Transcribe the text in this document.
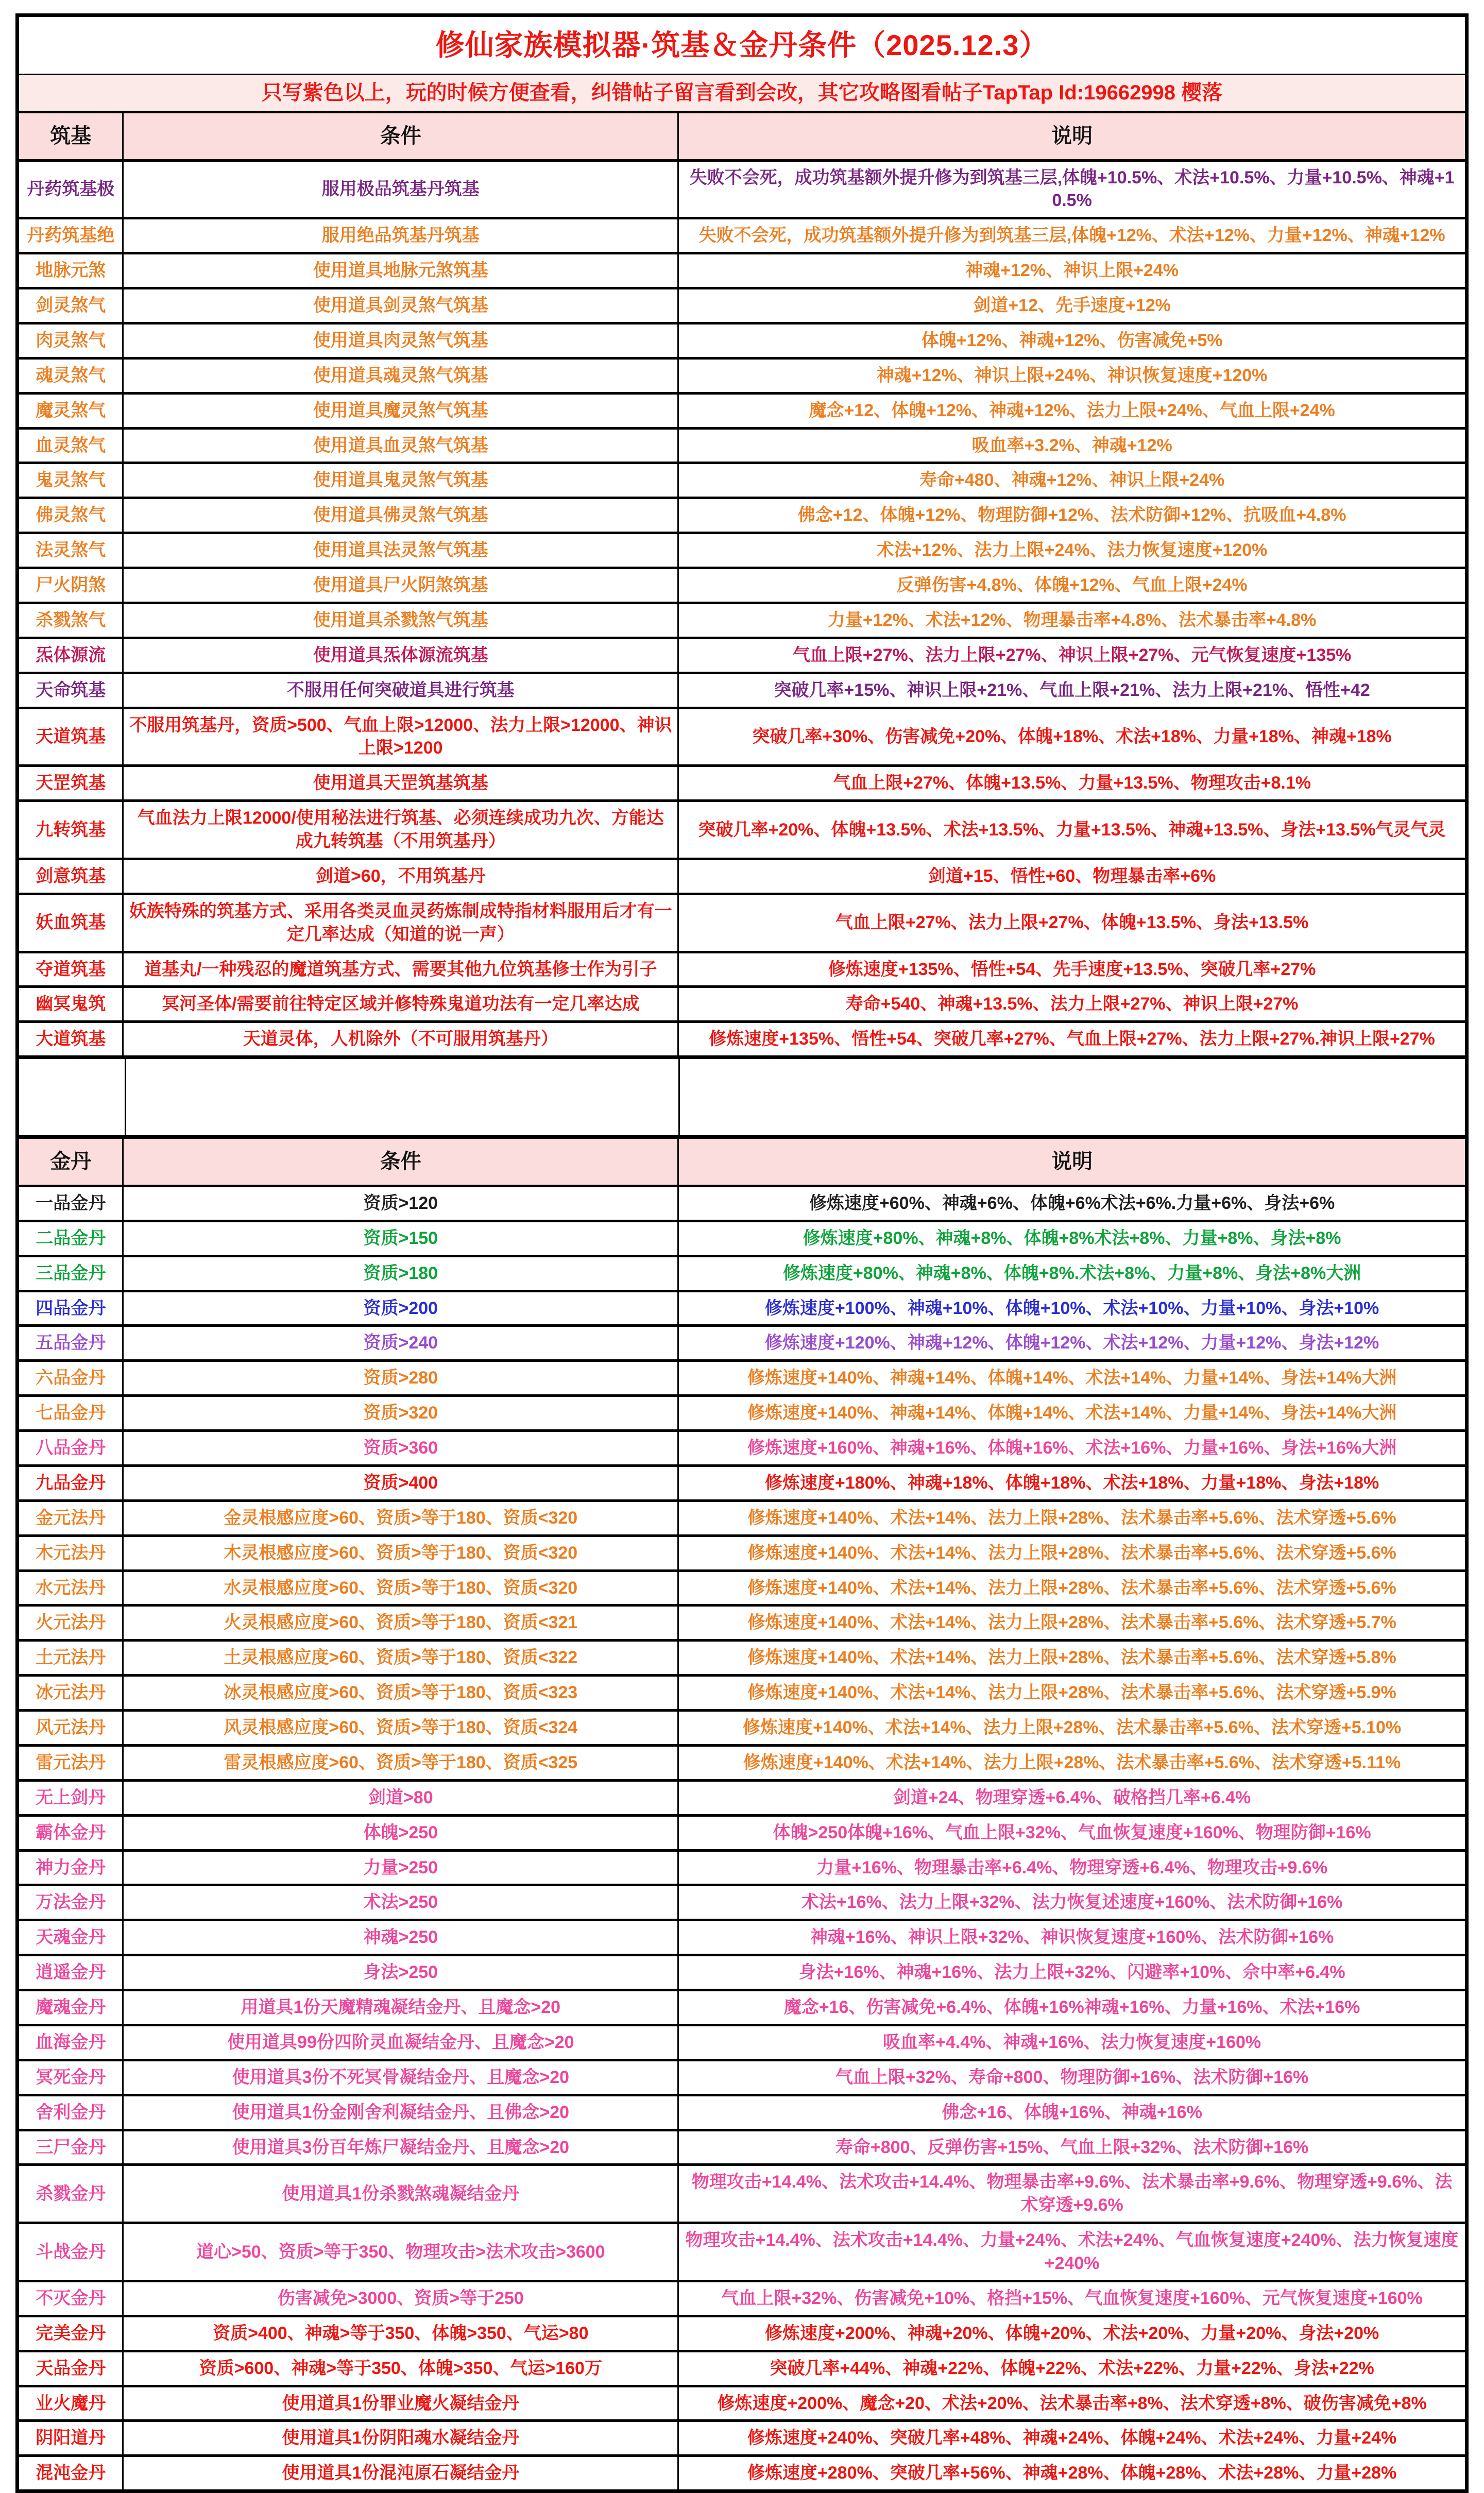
修仙家族模拟器·筑基＆金丹条件（2025.12.3）		
只写紫色以上，玩的时候方便查看，纠错帖子留言看到会改，其它攻略图看帖子TapTap Id:19662998 樱落		
筑基	条件	说明
丹药筑基极	服用极品筑基丹筑基	失败不会死，成功筑基额外提升修为到筑基三层,体魄+10.5%、术法+10.5%、力量+10.5%、神魂+10.5%
丹药筑基绝	服用绝品筑基丹筑基	失败不会死，成功筑基额外提升修为到筑基三层,体魄+12%、术法+12%、力量+12%、神魂+12%
地脉元煞	使用道具地脉元煞筑基	神魂+12%、神识上限+24%
剑灵煞气	使用道具剑灵煞气筑基	剑道+12、先手速度+12%
肉灵煞气	使用道具肉灵煞气筑基	体魄+12%、神魂+12%、伤害减免+5%
魂灵煞气	使用道具魂灵煞气筑基	神魂+12%、神识上限+24%、神识恢复速度+120%
魔灵煞气	使用道具魔灵煞气筑基	魔念+12、体魄+12%、神魂+12%、法力上限+24%、气血上限+24%
血灵煞气	使用道具血灵煞气筑基	吸血率+3.2%、神魂+12%
鬼灵煞气	使用道具鬼灵煞气筑基	寿命+480、神魂+12%、神识上限+24%
佛灵煞气	使用道具佛灵煞气筑基	佛念+12、体魄+12%、物理防御+12%、法术防御+12%、抗吸血+4.8%
法灵煞气	使用道具法灵煞气筑基	术法+12%、法力上限+24%、法力恢复速度+120%
尸火阴煞	使用道具尸火阴煞筑基	反弹伤害+4.8%、体魄+12%、气血上限+24%
杀戮煞气	使用道具杀戮煞气筑基	力量+12%、术法+12%、物理暴击率+4.8%、法术暴击率+4.8%
炁体源流	使用道具炁体源流筑基	气血上限+27%、法力上限+27%、神识上限+27%、元气恢复速度+135%
天命筑基	不服用任何突破道具进行筑基	突破几率+15%、神识上限+21%、气血上限+21%、法力上限+21%、悟性+42
天道筑基	不服用筑基丹，资质>500、气血上限>12000、法力上限>12000、神识上限>1200	突破几率+30%、伤害减免+20%、体魄+18%、术法+18%、力量+18%、神魂+18%
天罡筑基	使用道具天罡筑基筑基	气血上限+27%、体魄+13.5%、力量+13.5%、物理攻击+8.1%
九转筑基	气血法力上限12000/使用秘法进行筑基、必须连续成功九次、方能达成九转筑基（不用筑基丹）	突破几率+20%、体魄+13.5%、术法+13.5%、力量+13.5%、神魂+13.5%、身法+13.5%气灵气灵
剑意筑基	剑道>60，不用筑基丹	剑道+15、悟性+60、物理暴击率+6%
妖血筑基	妖族特殊的筑基方式、采用各类灵血灵药炼制成特指材料服用后才有一定几率达成（知道的说一声）	气血上限+27%、法力上限+27%、体魄+13.5%、身法+13.5%
夺道筑基	道基丸/一种残忍的魔道筑基方式、需要其他九位筑基修士作为引子	修炼速度+135%、悟性+54、先手速度+13.5%、突破几率+27%
幽冥鬼筑	冥河圣体/需要前往特定区域并修特殊鬼道功法有一定几率达成	寿命+540、神魂+13.5%、法力上限+27%、神识上限+27%
大道筑基	天道灵体，人机除外（不可服用筑基丹）	修炼速度+135%、悟性+54、突破几率+27%、气血上限+27%、法力上限+27%.神识上限+27%
金丹	条件	说明
一品金丹	资质>120	修炼速度+60%、神魂+6%、体魄+6%术法+6%.力量+6%、身法+6%
二品金丹	资质>150	修炼速度+80%、神魂+8%、体魄+8%术法+8%、力量+8%、身法+8%
三品金丹	资质>180	修炼速度+80%、神魂+8%、体魄+8%.术法+8%、力量+8%、身法+8%大洲
四品金丹	资质>200	修炼速度+100%、神魂+10%、体魄+10%、术法+10%、力量+10%、身法+10%
五品金丹	资质>240	修炼速度+120%、神魂+12%、体魄+12%、术法+12%、力量+12%、身法+12%
六品金丹	资质>280	修炼速度+140%、神魂+14%、体魄+14%、术法+14%、力量+14%、身法+14%大洲
七品金丹	资质>320	修炼速度+140%、神魂+14%、体魄+14%、术法+14%、力量+14%、身法+14%大洲
八品金丹	资质>360	修炼速度+160%、神魂+16%、体魄+16%、术法+16%、力量+16%、身法+16%大洲
九品金丹	资质>400	修炼速度+180%、神魂+18%、体魄+18%、术法+18%、力量+18%、身法+18%
金元法丹	金灵根感应度>60、资质>等于180、资质<320	修炼速度+140%、术法+14%、法力上限+28%、法术暴击率+5.6%、法术穿透+5.6%
木元法丹	木灵根感应度>60、资质>等于180、资质<320	修炼速度+140%、术法+14%、法力上限+28%、法术暴击率+5.6%、法术穿透+5.6%
水元法丹	水灵根感应度>60、资质>等于180、资质<320	修炼速度+140%、术法+14%、法力上限+28%、法术暴击率+5.6%、法术穿透+5.6%
火元法丹	火灵根感应度>60、资质>等于180、资质<321	修炼速度+140%、术法+14%、法力上限+28%、法术暴击率+5.6%、法术穿透+5.7%
土元法丹	土灵根感应度>60、资质>等于180、资质<322	修炼速度+140%、术法+14%、法力上限+28%、法术暴击率+5.6%、法术穿透+5.8%
冰元法丹	冰灵根感应度>60、资质>等于180、资质<323	修炼速度+140%、术法+14%、法力上限+28%、法术暴击率+5.6%、法术穿透+5.9%
风元法丹	风灵根感应度>60、资质>等于180、资质<324	修炼速度+140%、术法+14%、法力上限+28%、法术暴击率+5.6%、法术穿透+5.10%
雷元法丹	雷灵根感应度>60、资质>等于180、资质<325	修炼速度+140%、术法+14%、法力上限+28%、法术暴击率+5.6%、法术穿透+5.11%
无上剑丹	剑道>80	剑道+24、物理穿透+6.4%、破格挡几率+6.4%
霸体金丹	体魄>250	体魄>250体魄+16%、气血上限+32%、气血恢复速度+160%、物理防御+16%
神力金丹	力量>250	力量+16%、物理暴击率+6.4%、物理穿透+6.4%、物理攻击+9.6%
万法金丹	术法>250	术法+16%、法力上限+32%、法力恢复述速度+160%、法术防御+16%
天魂金丹	神魂>250	神魂+16%、神识上限+32%、神识恢复速度+160%、法术防御+16%
逍遥金丹	身法>250	身法+16%、神魂+16%、法力上限+32%、闪避率+10%、佘中率+6.4%
魔魂金丹	用道具1份天魔精魂凝结金丹、且魔念>20	魔念+16、伤害减免+6.4%、体魄+16%神魂+16%、力量+16%、术法+16%
血海金丹	使用道具99份四阶灵血凝结金丹、且魔念>20	吸血率+4.4%、神魂+16%、法力恢复速度+160%
冥死金丹	使用道具3份不死冥骨凝结金丹、且魔念>20	气血上限+32%、寿命+800、物理防御+16%、法术防御+16%
舍利金丹	使用道具1份金刚舍利凝结金丹、且佛念>20	佛念+16、体魄+16%、神魂+16%
三尸金丹	使用道具3份百年炼尸凝结金丹、且魔念>20	寿命+800、反弹伤害+15%、气血上限+32%、法术防御+16%
杀戮金丹	使用道具1份杀戮煞魂凝结金丹	物理攻击+14.4%、法术攻击+14.4%、物理暴击率+9.6%、法术暴击率+9.6%、物理穿透+9.6%、法术穿透+9.6%
斗战金丹	道心>50、资质>等于350、物理攻击>法术攻击>3600	物理攻击+14.4%、法术攻击+14.4%、力量+24%、术法+24%、气血恢复速度+240%、法力恢复速度+240%
不灭金丹	伤害减免>3000、资质>等于250	气血上限+32%、伤害减免+10%、格挡+15%、气血恢复速度+160%、元气恢复速度+160%
完美金丹	资质>400、神魂>等于350、体魄>350、气运>80	修炼速度+200%、神魂+20%、体魄+20%、术法+20%、力量+20%、身法+20%
天品金丹	资质>600、神魂>等于350、体魄>350、气运>160万	突破几率+44%、神魂+22%、体魄+22%、术法+22%、力量+22%、身法+22%
业火魔丹	使用道具1份罪业魔火凝结金丹	修炼速度+200%、魔念+20、术法+20%、法术暴击率+8%、法术穿透+8%、破伤害减免+8%
阴阳道丹	使用道具1份阴阳魂水凝结金丹	修炼速度+240%、突破几率+48%、神魂+24%、体魄+24%、术法+24%、力量+24%
混沌金丹	使用道具1份混沌原石凝结金丹	修炼速度+280%、突破几率+56%、神魂+28%、体魄+28%、术法+28%、力量+28%
